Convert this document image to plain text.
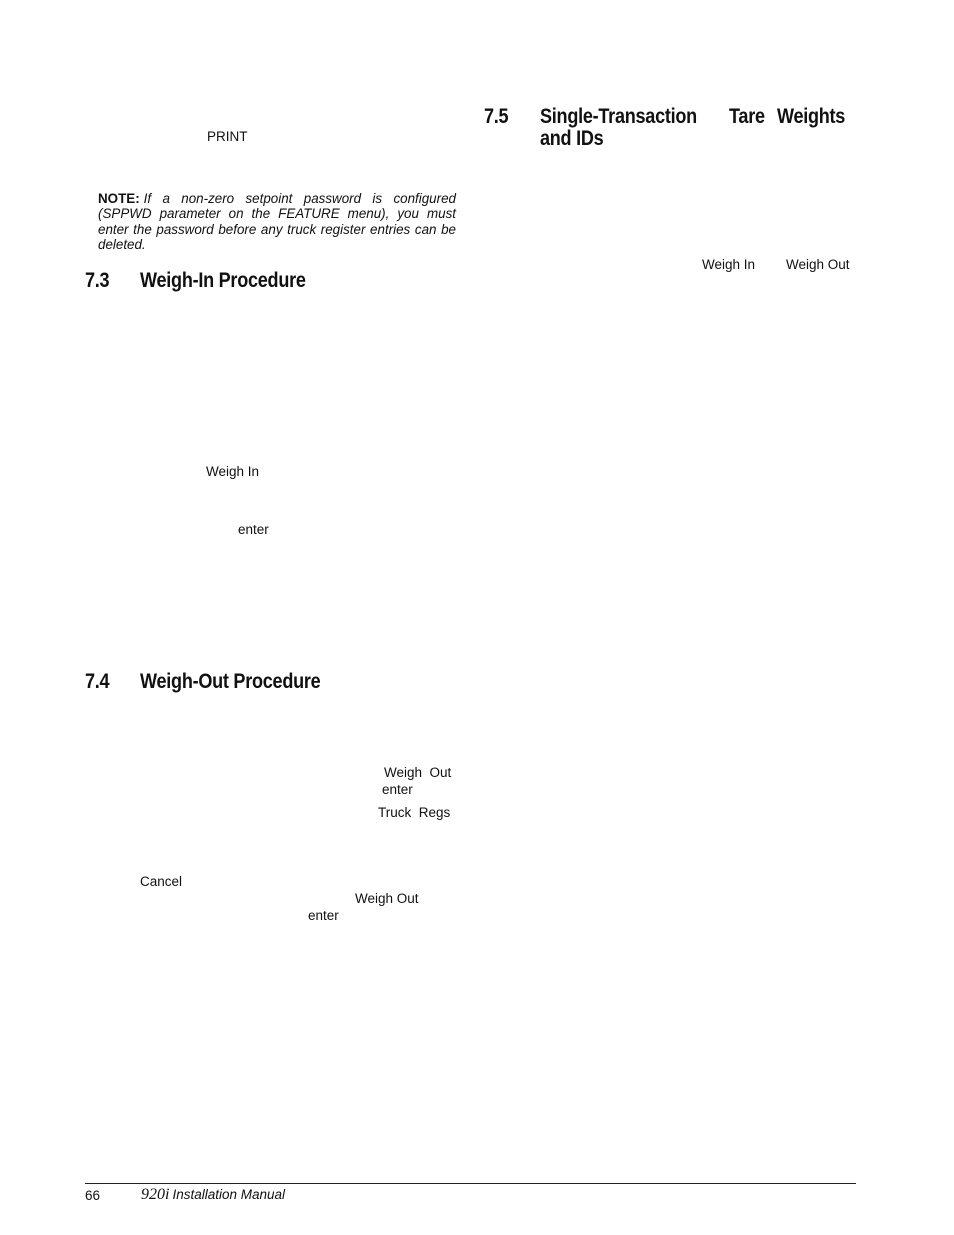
PRINT
NOTE: If a non-zero setpoint password is configured (SPPWD parameter on the FEATURE menu), you must enter the password before any truck register entries can be deleted.
7.3 Weigh-In Procedure
Weigh In
enter
7.4 Weigh-Out Procedure
Weigh  Out
enter
Truck  Regs
Cancel
Weigh Out
enter
7.5 Single-Transaction Tare Weights
and IDs
Weigh In Weigh Out
66	920i Installation Manual
